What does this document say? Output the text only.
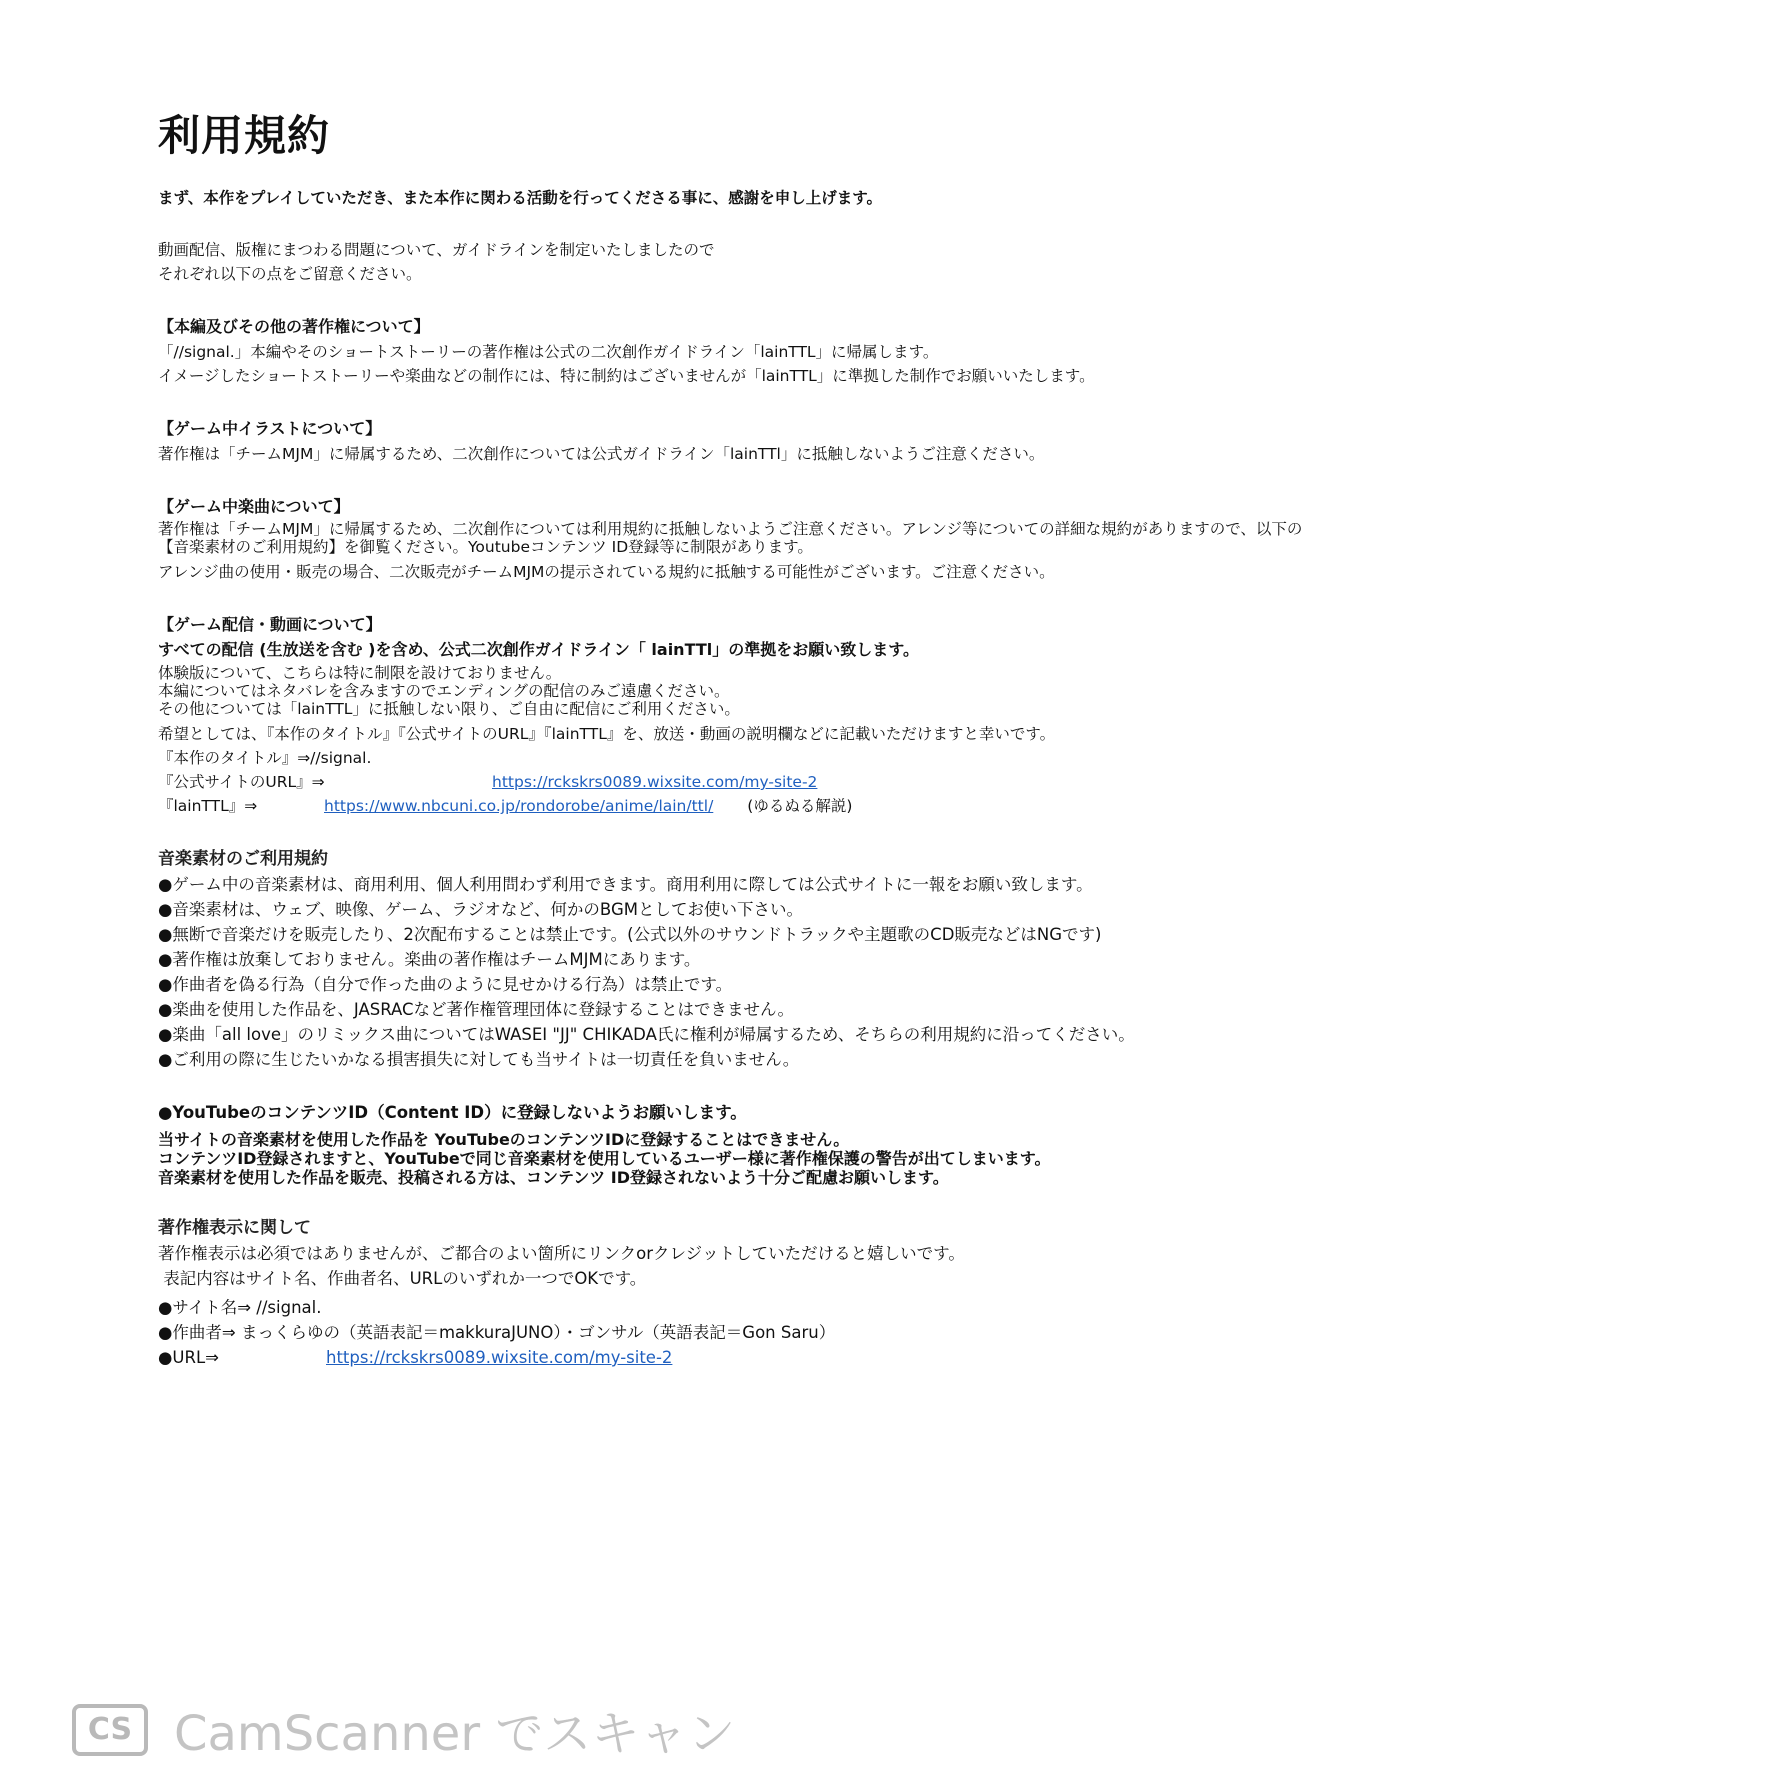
利用規約

まず、本作をプレイしていただき、また本作に関わる活動を行ってくださる事に、感謝を申し上げます。

動画配信、版権にまつわる問題について、ガイドラインを制定いたしましたので

それぞれ以下の点をご留意ください。

【本編及びその他の著作権について】

「//signal.」本編やそのショートストーリーの著作権は公式の二次創作ガイドライン「lainTTL」に帰属します。

イメージしたショートストーリーや楽曲などの制作には、特に制約はございませんが「lainTTL」に準拠した制作でお願いいたします。

【ゲーム中イラストについて】

著作権は「チームMJM」に帰属するため、二次創作については公式ガイドライン「lainTTl」に抵触しないようご注意ください。

【ゲーム中楽曲について】

著作権は「チームMJM」に帰属するため、二次創作については利用規約に抵触しないようご注意ください。アレンジ等についての詳細な規約がありますので、以下の

【音楽素材のご利用規約】を御覧ください。Youtubeコンテンツ ID登録等に制限があります。

アレンジ曲の使用・販売の場合、二次販売がチームMJMの提示されている規約に抵触する可能性がございます。ご注意ください。

【ゲーム配信・動画について】

すべての配信 (生放送を含む )を含め、公式二次創作ガイドライン「 lainTTl」の準拠をお願い致します。

体験版について、こちらは特に制限を設けておりません。

本編についてはネタバレを含みますのでエンディングの配信のみご遠慮ください。

その他については「lainTTL」に抵触しない限り、ご自由に配信にご利用ください。

希望としては、『本作のタイトル』『公式サイトのURL』『lainTTL』を、放送・動画の説明欄などに記載いただけますと幸いです。

『本作のタイトル』⇒//signal.

『公式サイトのURL』⇒	https://rckskrs0089.wixsite.com/my-site-2
『lainTTL』⇒	https://www.nbcuni.co.jp/rondorobe/anime/lain/ttl/ (ゆるぬる解説)

音楽素材のご利用規約

●ゲーム中の音楽素材は、商用利用、個人利用問わず利用できます。商用利用に際しては公式サイトに一報をお願い致します。

●音楽素材は、ウェブ、映像、ゲーム、ラジオなど、何かのBGMとしてお使い下さい。

●無断で音楽だけを販売したり、2次配布することは禁止です。(公式以外のサウンドトラックや主題歌のCD販売などはNGです)

●著作権は放棄しておりません。楽曲の著作権はチームMJMにあります。

●作曲者を偽る行為（自分で作った曲のように見せかける行為）は禁止です。

●楽曲を使用した作品を、JASRACなど著作権管理団体に登録することはできません。

●楽曲「all love」のリミックス曲についてはWASEI "JJ" CHIKADA氏に権利が帰属するため、そちらの利用規約に沿ってください。

●ご利用の際に生じたいかなる損害損失に対しても当サイトは一切責任を負いません。

●YouTubeのコンテンツID（Content ID）に登録しないようお願いします。

当サイトの音楽素材を使用した作品を YouTubeのコンテンツIDに登録することはできません。

コンテンツID登録されますと、YouTubeで同じ音楽素材を使用しているユーザー様に著作権保護の警告が出てしまいます。

音楽素材を使用した作品を販売、投稿される方は、コンテンツ ID登録されないよう十分ご配慮お願いします。

著作権表示に関して

著作権表示は必須ではありませんが、ご都合のよい箇所にリンクorクレジットしていただけると嬉しいです。

表記内容はサイト名、作曲者名、URLのいずれか一つでOKです。

●サイト名⇒ //signal.

●作曲者⇒ まっくらゆの（英語表記＝makkuraJUNO）・ゴンサル（英語表記＝Gon Saru）

●URL⇒	https://rckskrs0089.wixsite.com/my-site-2
CS CamScanner でスキャン
